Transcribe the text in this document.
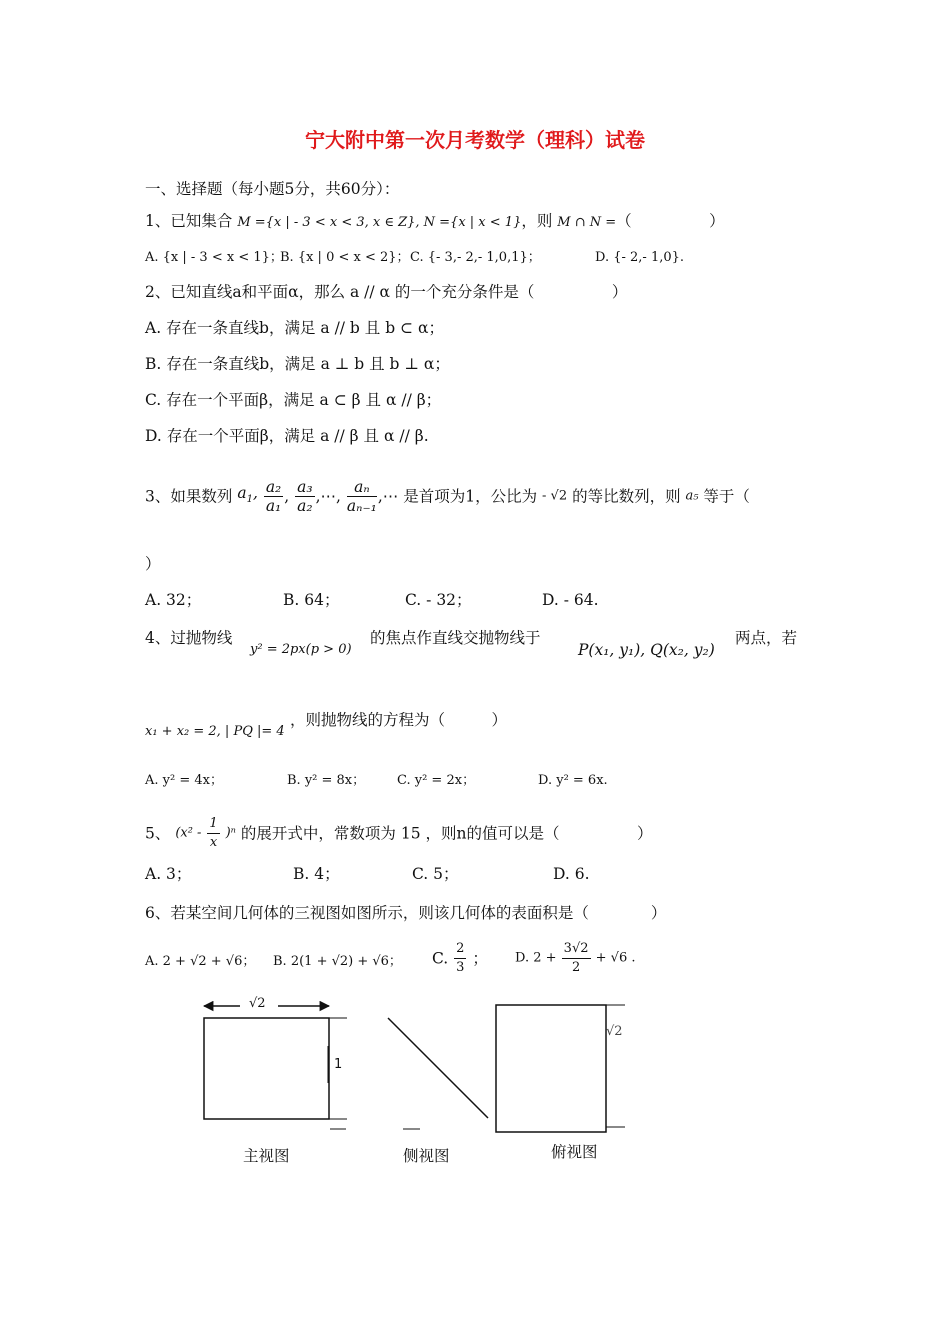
宁大附中第一次月考数学（理科）试卷
一、选择题（每小题5分，共60分）：
1、已知集合 M ={x | - 3 < x < 3, x ∈ Z}, N ={x | x < 1}，则 M ∩ N =（　　　　　）
A. {x | - 3 < x < 1}；
B. {x | 0 < x < 2}； C. {- 3,- 2,- 1,0,1}；	D. {- 2,- 1,0}.
2、已知直线a和平面α，那么 a // α 的一个充分条件是（　　　　　）
A. 存在一条直线b，满足 a // b 且 b ⊂ α；
B. 存在一条直线b，满足 a ⊥ b 且 b ⊥ α；
C. 存在一个平面β，满足 a ⊂ β 且 α // β；
D. 存在一个平面β，满足 a // β 且 α // β.
3、如果数列 $a_1$, $\frac{\text{a₂}}{\text{a₁}}$ , $\frac{\text{a₃}}{\text{a₂}}$ ,⋯, $\frac{\text{aₙ}}{\text{aₙ₋₁}}$ ,⋯ 是首项为1，公比为 - √2 的等比数列，则 a₅ 等于（
）
A. 32；	B. 64；	C. - 32；	D. - 64.
4、过抛物线
y² = 2px(p > 0)
的焦点作直线交抛物线于
P(x₁, y₁), Q(x₂, y₂)
两点，若
x₁ + x₂ = 2, | PQ |= 4
，则抛物线的方程为（　　　）
A. y² = 4x；	B. y² = 8x； C. y² = 2x；	D. y² = 6x.
5、 $(x^2 - \frac{1}{x} )^n$ 的展开式中，常数项为 15 ，则n的值可以是（　　　　　）
A. 3；	B. 4；	C. 5；	D. 6.
6、若某空间几何体的三视图如图所示，则该几何体的表面积是（　　　　）
A. 2 + √2 + √6； B. 2(1 + √2) + √6； C. $\frac{2}{3}$ ； D. $2 + \frac{3√2}{2} + √6$ .
√2
1
√2
主视图	侧视图	俯视图
